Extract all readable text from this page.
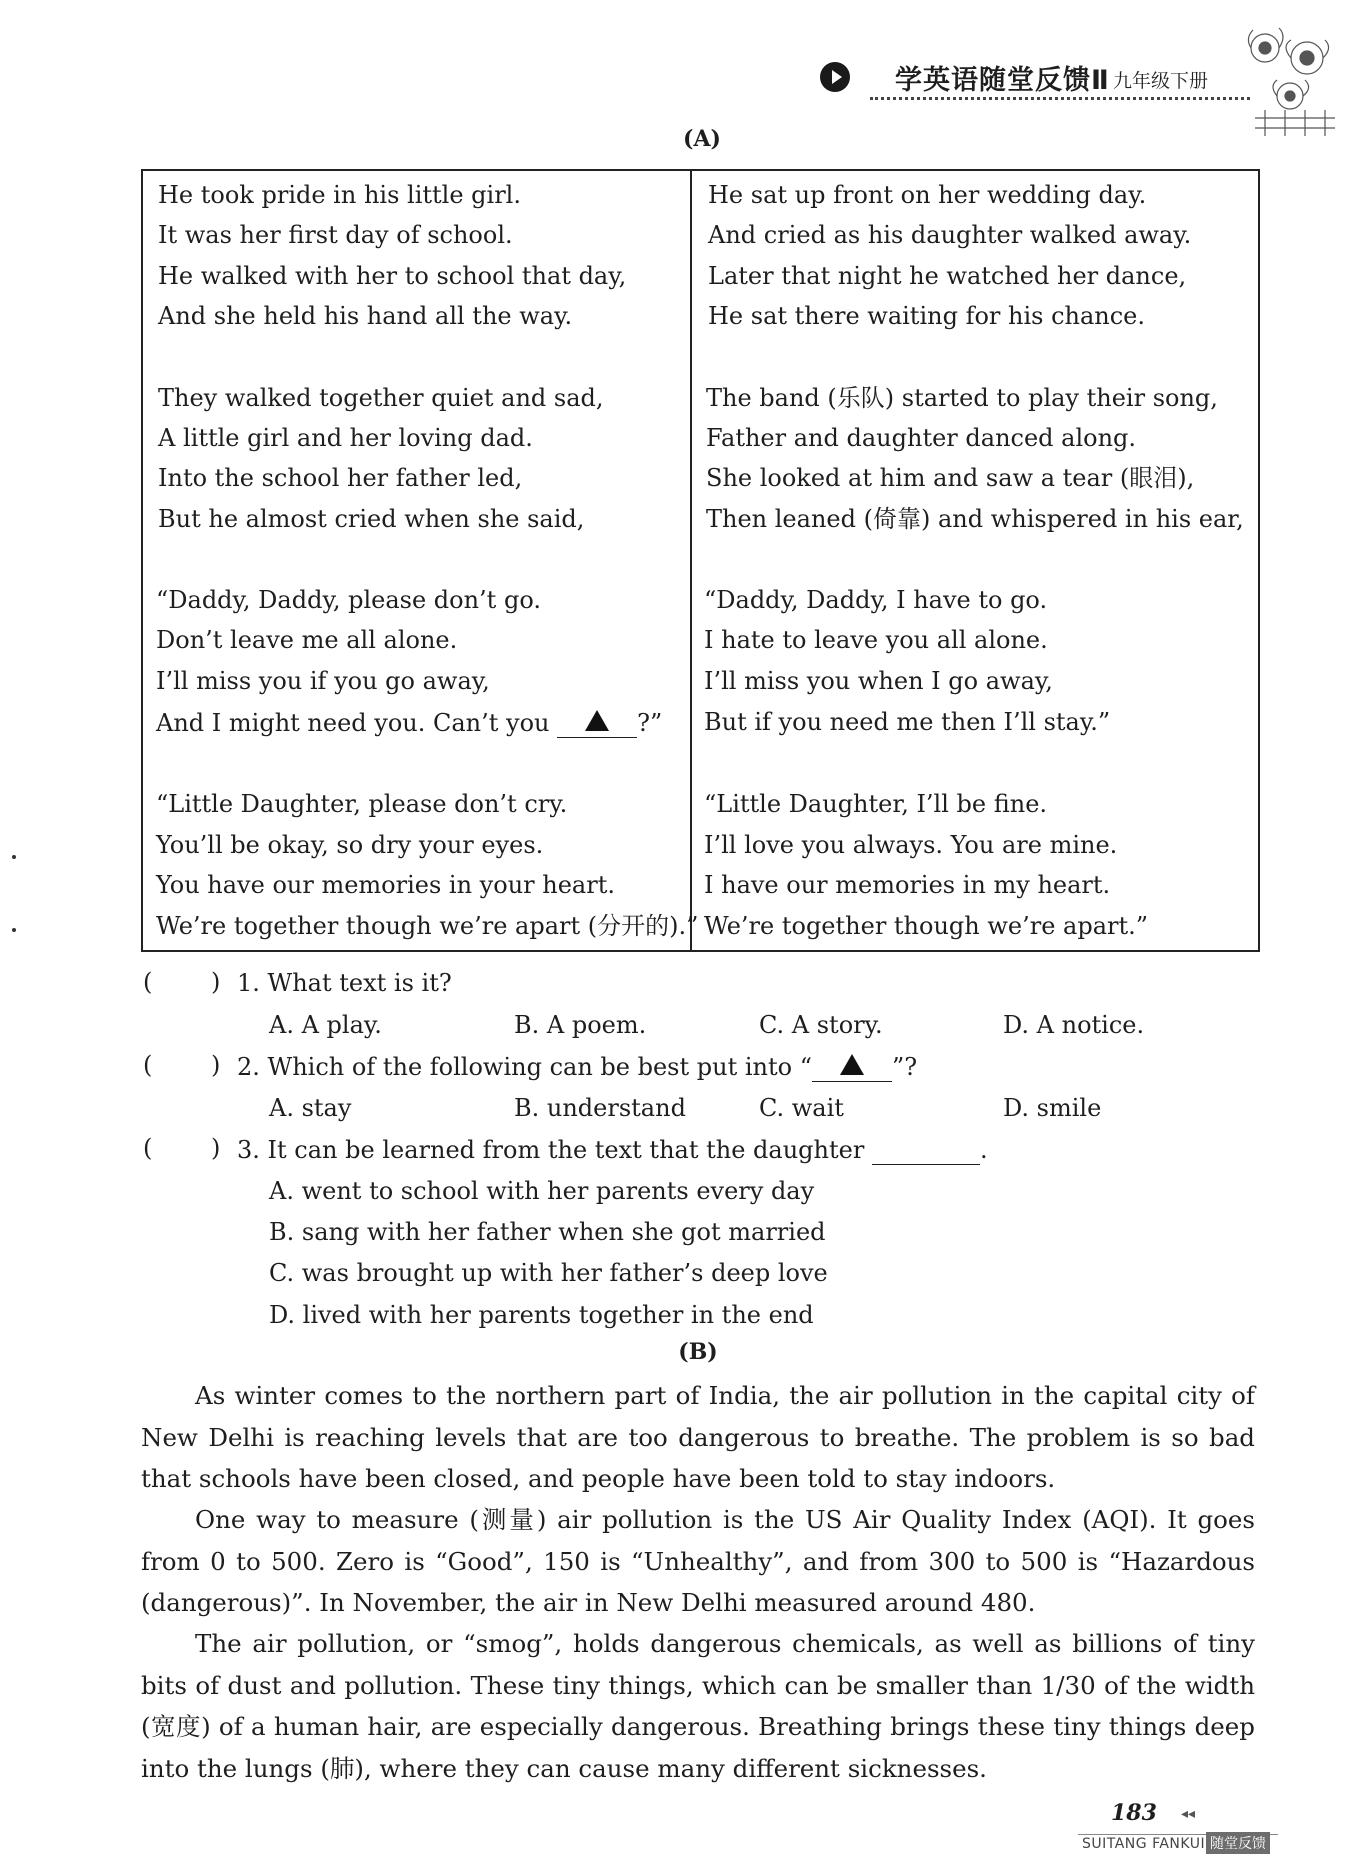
学英语随堂反馈Ⅱ 九年级下册
(A)
He took pride in his little girl.
It was her first day of school.
He walked with her to school that day,
And she held his hand all the way.
They walked together quiet and sad,
A little girl and her loving dad.
Into the school her father led,
But he almost cried when she said,
“Daddy, Daddy, please don’t go.
Don’t leave me all alone.
I’ll miss you if you go away,
And I might need you. Can’t you	?”
“Little Daughter, please don’t cry.
You’ll be okay, so dry your eyes.
You have our memories in your heart.
We’re together though we’re apart (分开的).”
He sat up front on her wedding day.
And cried as his daughter walked away.
Later that night he watched her dance,
He sat there waiting for his chance.
The band (乐队) started to play their song,
Father and daughter danced along.
She looked at him and saw a tear (眼泪),
Then leaned (倚靠) and whispered in his ear,
“Daddy, Daddy, I have to go.
I hate to leave you all alone.
I’ll miss you when I go away,
But if you need me then I’ll stay.”
“Little Daughter, I’ll be fine.
I’ll love you always. You are mine.
I have our memories in my heart.
We’re together though we’re apart.”
( ) 1. What text is it?
A. A play.	B. A poem.	C. A story.	D. A notice.
( ) 2. Which of the following can be best put into “	”?
A. stay	B. understand	C. wait	D. smile
( ) 3. It can be learned from the text that the daughter	.
A. went to school with her parents every day
B. sang with her father when she got married
C. was brought up with her father’s deep love
D. lived with her parents together in the end
(B)
As winter comes to the northern part of India, the air pollution in the capital city of New Delhi is reaching levels that are too dangerous to breathe. The problem is so bad that schools have been closed, and people have been told to stay indoors.
One way to measure (测量) air pollution is the US Air Quality Index (AQI). It goes from 0 to 500. Zero is “Good”, 150 is “Unhealthy”, and from 300 to 500 is “Hazardous (dangerous)”. In November, the air in New Delhi measured around 480.
The air pollution, or “smog”, holds dangerous chemicals, as well as billions of tiny bits of dust and pollution. These tiny things, which can be smaller than 1/30 of the width (宽度) of a human hair, are especially dangerous. Breathing brings these tiny things deep into the lungs (肺), where they can cause many different sicknesses.
183 ◂◂
SUITANG FANKUI 随堂反馈
